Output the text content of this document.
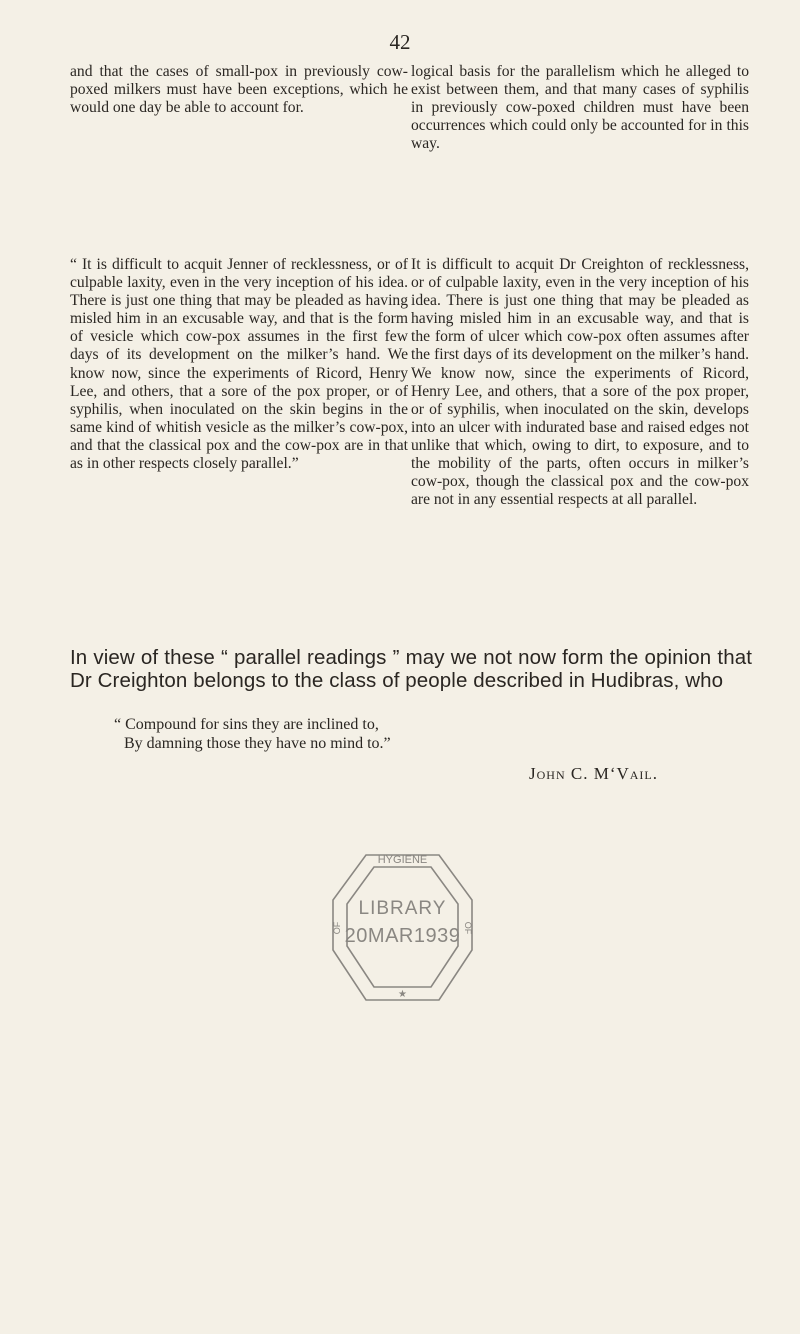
42

and that the cases of small-pox in previously cow-poxed milkers must have been exceptions, which he would one day be able to account for.

logical basis for the parallelism which he alleged to exist between them, and that many cases of syphilis in previously cow-poxed children must have been occurrences which could only be accounted for in this way.

“ It is difficult to acquit Jenner of recklessness, or of culpable laxity, even in the very inception of his idea. There is just one thing that may be pleaded as having misled him in an excusable way, and that is the form of vesicle which cow-pox assumes in the first few days of its development on the milker’s hand. We know now, since the experiments of Ricord, Henry Lee, and others, that a sore of the pox proper, or of syphilis, when inoculated on the skin begins in the same kind of whitish vesicle as the milker’s cow-pox, and that the classical pox and the cow-pox are in that as in other respects closely parallel.”

It is difficult to acquit Dr Creighton of recklessness, or of culpable laxity, even in the very inception of his idea. There is just one thing that may be pleaded as having misled him in an excusable way, and that is the form of ulcer which cow-pox often assumes after the first days of its development on the milker’s hand. We know now, since the experiments of Ricord, Henry Lee, and others, that a sore of the pox proper, or of syphilis, when inoculated on the skin, develops into an ulcer with indurated base and raised edges not unlike that which, owing to dirt, to exposure, and to the mobility of the parts, often occurs in milker’s cow-pox, though the classical pox and the cow-pox are not in any essential respects at all parallel.

In view of these “ parallel readings ” may we not now form the opinion that Dr Creighton belongs to the class of people described in Hudibras, who

“ Compound for sins they are inclined to,
By damning those they have no mind to.”
John C. M‘Vail.
HYGIENE
LIBRARY
20MAR1939
OF	OF
★
